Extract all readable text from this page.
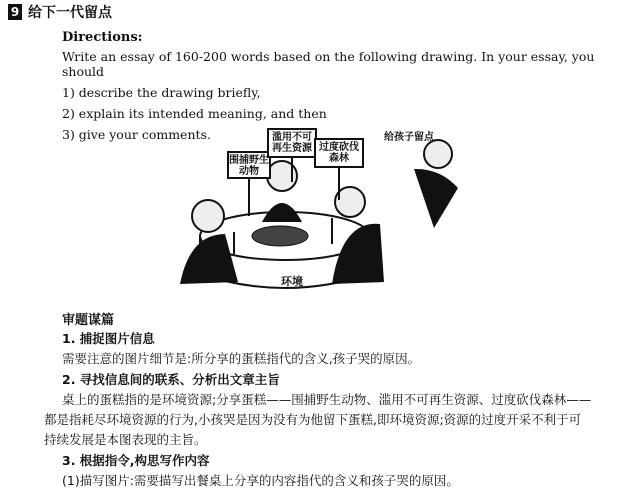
9 给下一代留点
Directions:
Write an essay of 160-200 words based on the following drawing. In your essay, you should
1) describe the drawing briefly,
2) explain its intended meaning, and then
3) give your comments.	给孩子留点
滥用不可
再生资源 过度砍伐
森林
围捕野生
动物
环境
审题谋篇
1. 捕捉图片信息
需要注意的图片细节是:所分享的蛋糕指代的含义,孩子哭的原因。
2. 寻找信息间的联系、分析出文章主旨
桌上的蛋糕指的是环境资源;分享蛋糕——围捕野生动物、滥用不可再生资源、过度砍伐森林——
都是指耗尽环境资源的行为,小孩哭是因为没有为他留下蛋糕,即环境资源;资源的过度开采不利于可
持续发展是本图表现的主旨。
3. 根据指令,构思写作内容
(1)描写图片:需要描写出餐桌上分享的内容指代的含义和孩子哭的原因。
